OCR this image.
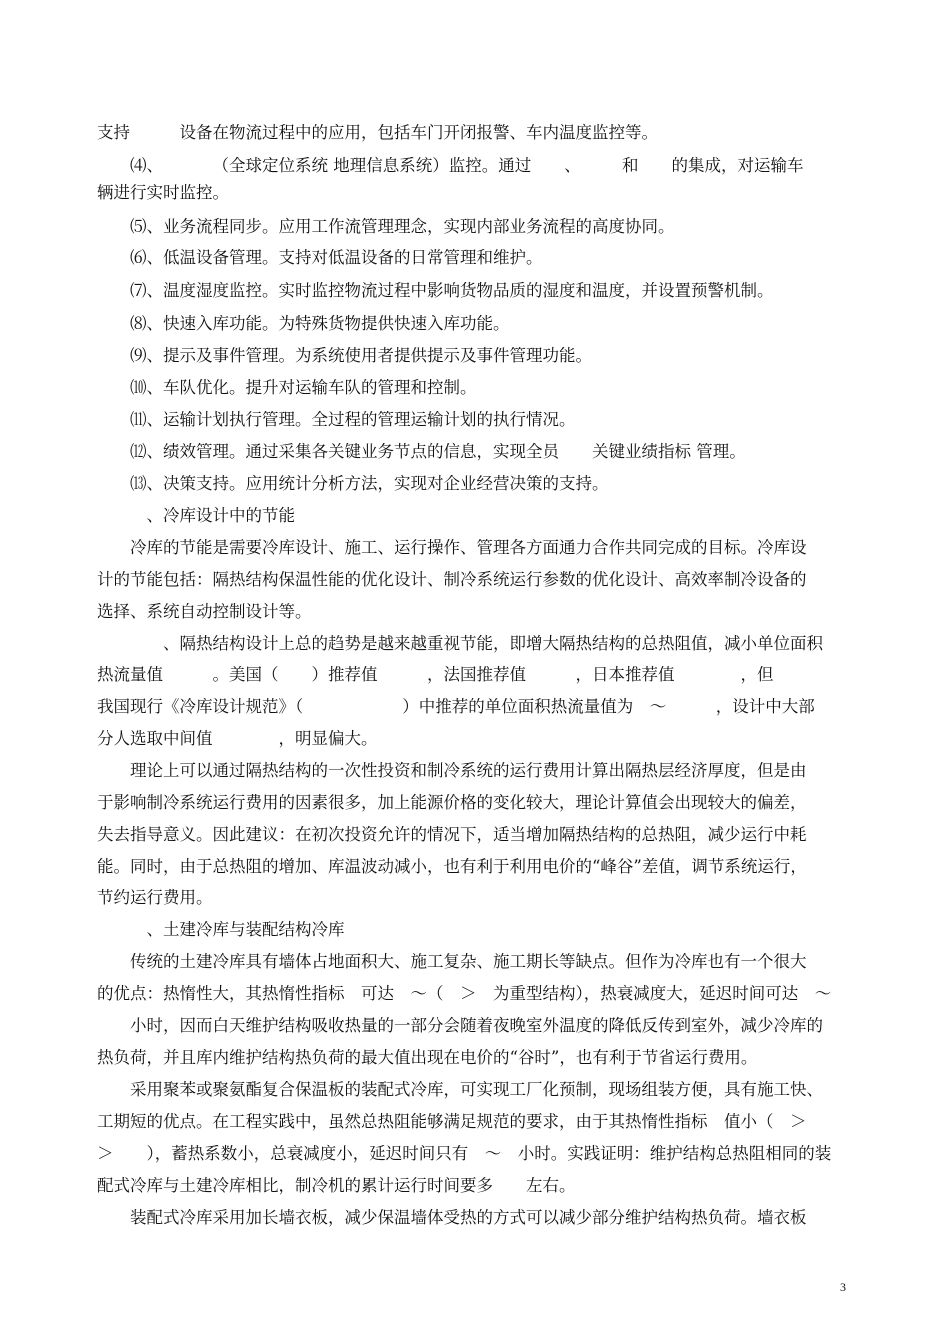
支持　　　设备在物流过程中的应用，包括车门开闭报警、车内温度监控等。

　　⑷、　　　　（全球定位系统 地理信息系统）监控。通过　　、　　　和　　的集成，对运输车

辆进行实时监控。

　　⑸、业务流程同步。应用工作流管理理念，实现内部业务流程的高度协同。

　　⑹、低温设备管理。支持对低温设备的日常管理和维护。

　　⑺、温度湿度监控。实时监控物流过程中影响货物品质的湿度和温度，并设置预警机制。

　　⑻、快速入库功能。为特殊货物提供快速入库功能。

　　⑼、提示及事件管理。为系统使用者提供提示及事件管理功能。

　　⑽、车队优化。提升对运输车队的管理和控制。

　　⑾、运输计划执行管理。全过程的管理运输计划的执行情况。

　　⑿、绩效管理。通过采集各关键业务节点的信息，实现全员　　关键业绩指标 管理。

　　⒀、决策支持。应用统计分析方法，实现对企业经营决策的支持。

　　　、冷库设计中的节能

　　冷库的节能是需要冷库设计、施工、运行操作、管理各方面通力合作共同完成的目标。冷库设

计的节能包括：隔热结构保温性能的优化设计、制冷系统运行参数的优化设计、高效率制冷设备的

选择、系统自动控制设计等。

　　　　、隔热结构设计上总的趋势是越来越重视节能，即增大隔热结构的总热阻值，减小单位面积

热流量值　　　。美国（　　）推荐值　　　，法国推荐值　　　，日本推荐值　　　　，但

我国现行《冷库设计规范》（　　　　　　）中推荐的单位面积热流量值为　～　　　，设计中大部

分人选取中间值　　　　，明显偏大。

　　理论上可以通过隔热结构的一次性投资和制冷系统的运行费用计算出隔热层经济厚度，但是由

于影响制冷系统运行费用的因素很多，加上能源价格的变化较大，理论计算值会出现较大的偏差，

失去指导意义。因此建议：在初次投资允许的情况下，适当增加隔热结构的总热阻，减少运行中耗

能。同时，由于总热阻的增加、库温波动减小，也有利于利用电价的“峰谷”差值，调节系统运行，

节约运行费用。

　　　、土建冷库与装配结构冷库

　　传统的土建冷库具有墙体占地面积大、施工复杂、施工期长等缺点。但作为冷库也有一个很大

的优点：热惰性大，其热惰性指标　可达　～（　＞　为重型结构），热衰减度大，延迟时间可达　～

　　小时，因而白天维护结构吸收热量的一部分会随着夜晚室外温度的降低反传到室外，减少冷库的

热负荷，并且库内维护结构热负荷的最大值出现在电价的“谷时”，也有利于节省运行费用。

　　采用聚苯或聚氨酯复合保温板的装配式冷库，可实现工厂化预制，现场组装方便，具有施工快、

工期短的优点。在工程实践中，虽然总热阻能够满足规范的要求，由于其热惰性指标　值小（　＞

＞　　），蓄热系数小，总衰减度小，延迟时间只有　～　小时。实践证明：维护结构总热阻相同的装

配式冷库与土建冷库相比，制冷机的累计运行时间要多　　左右。

　　装配式冷库采用加长墙衣板，减少保温墙体受热的方式可以减少部分维护结构热负荷。墙衣板

3
